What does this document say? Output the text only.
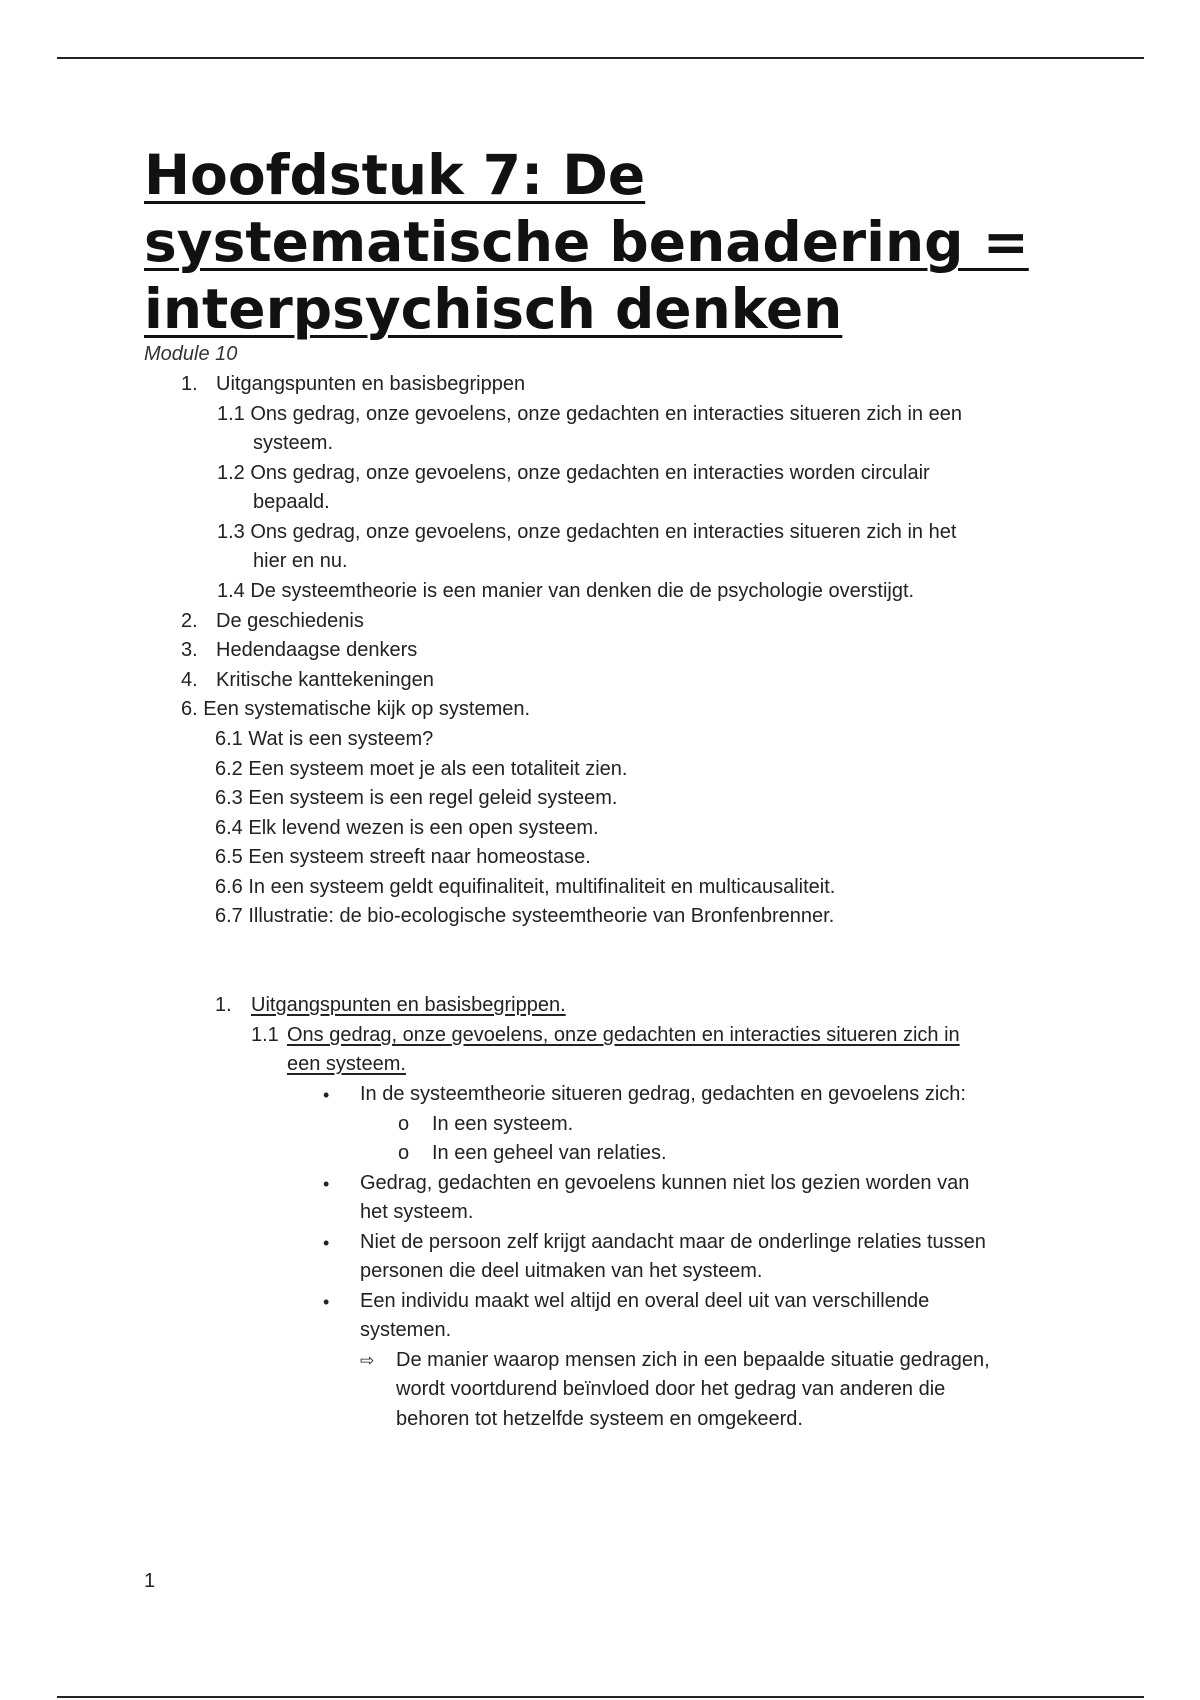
Hoofdstuk 7: De systematische benadering = interpsychisch denken
Module 10
1. Uitgangspunten en basisbegrippen
1.1 Ons gedrag, onze gevoelens, onze gedachten en interacties situeren zich in een
systeem.
1.2 Ons gedrag, onze gevoelens, onze gedachten en interacties worden circulair
bepaald.
1.3 Ons gedrag, onze gevoelens, onze gedachten en interacties situeren zich in het
hier en nu.
1.4 De systeemtheorie is een manier van denken die de psychologie overstijgt.
2. De geschiedenis
3. Hedendaagse denkers
4. Kritische kanttekeningen
6. Een systematische kijk op systemen.
6.1 Wat is een systeem?
6.2 Een systeem moet je als een totaliteit zien.
6.3 Een systeem is een regel geleid systeem.
6.4 Elk levend wezen is een open systeem.
6.5 Een systeem streeft naar homeostase.
6.6 In een systeem geldt equifinaliteit, multifinaliteit en multicausaliteit.
6.7 Illustratie: de bio-ecologische systeemtheorie van Bronfenbrenner.
1. Uitgangspunten en basisbegrippen.
1.1 Ons gedrag, onze gevoelens, onze gedachten en interacties situeren zich in
een systeem.
• In de systeemtheorie situeren gedrag, gedachten en gevoelens zich:
o In een systeem.
o In een geheel van relaties.
• Gedrag, gedachten en gevoelens kunnen niet los gezien worden van
het systeem.
• Niet de persoon zelf krijgt aandacht maar de onderlinge relaties tussen
personen die deel uitmaken van het systeem.
• Een individu maakt wel altijd en overal deel uit van verschillende
systemen.
⇨ De manier waarop mensen zich in een bepaalde situatie gedragen,
wordt voortdurend beïnvloed door het gedrag van anderen die
behoren tot hetzelfde systeem en omgekeerd.
1
